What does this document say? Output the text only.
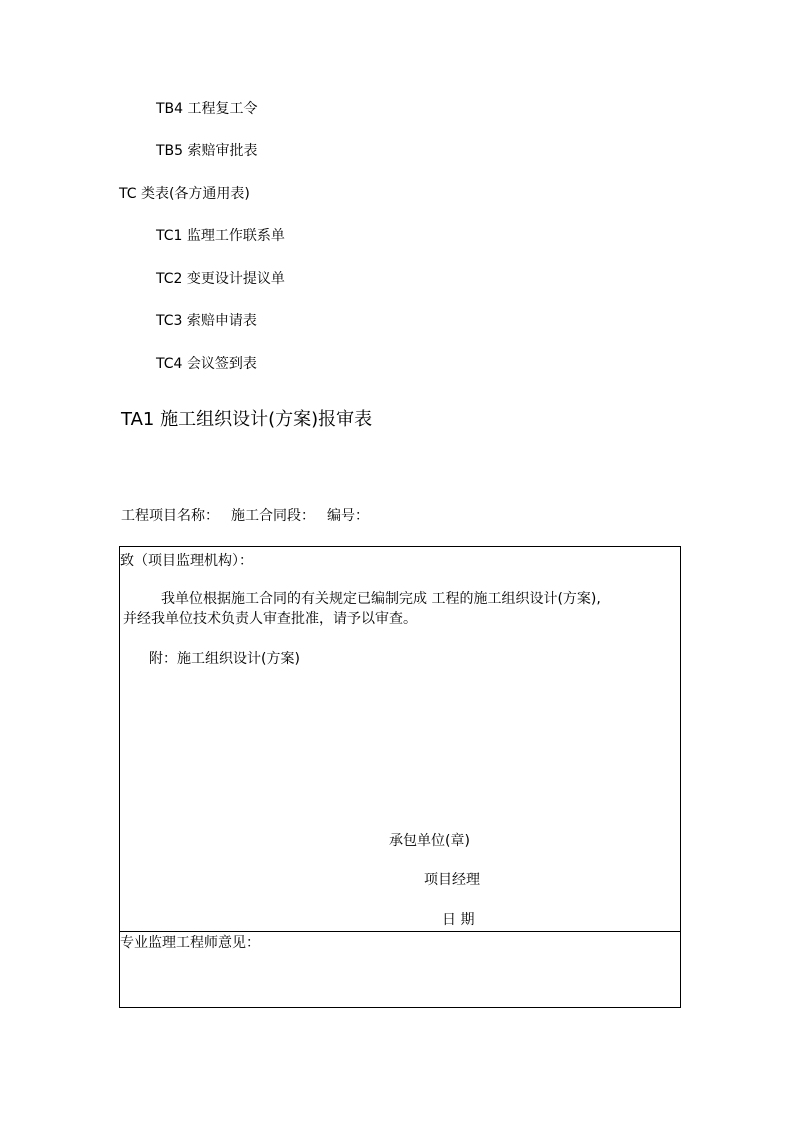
TB4 工程复工令
TB5 索赔审批表
TC 类表(各方通用表)
TC1 监理工作联系单
TC2 变更设计提议单
TC3 索赔申请表
TC4 会议签到表
TA1 施工组织设计(方案)报审表
工程项目名称： 施工合同段： 编号：
致（项目监理机构）：
我单位根据施工合同的有关规定已编制完成 工程的施工组织设计(方案),
并经我单位技术负责人审查批准，请予以审查。
附：施工组织设计(方案)
承包单位(章)
项目经理
日 期
专业监理工程师意见：
